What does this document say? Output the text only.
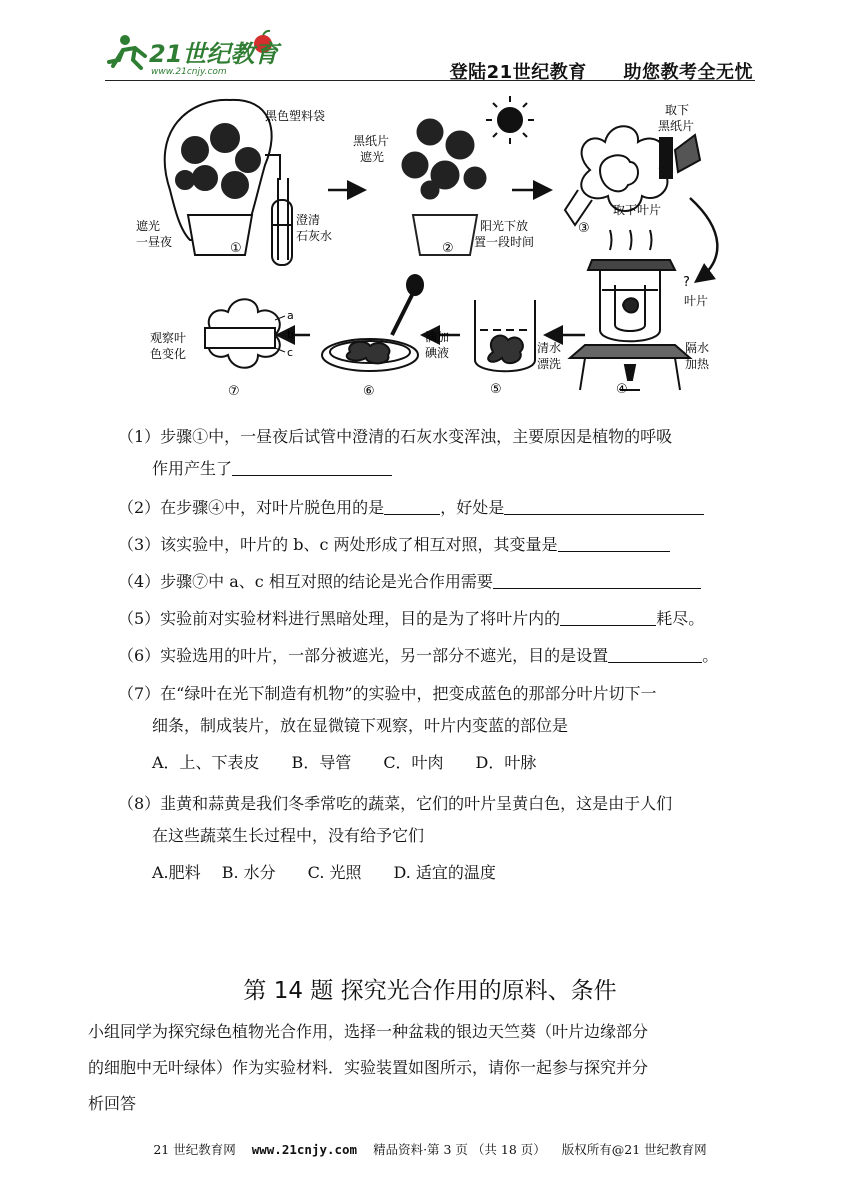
21世纪教育
www.21cnjy.com	登陆21世纪教育 助您教考全无忧
黑色塑料袋
遮光
一昼夜
澄清
石灰水
①
黑纸片
遮光
阳光下放
置一段时间
②
取下
黑纸片
取下叶片
③
?
叶片
隔水
加热
④
清水
漂洗
⑤
滴加
碘液
⑥
a
b
c
观察叶
色变化
⑦
（1）步骤①中，一昼夜后试管中澄清的石灰水变浑浊，主要原因是植物的呼吸
作用产生了
（2）在步骤④中，对叶片脱色用的是	，好处是
（3）该实验中，叶片的 b、c 两处形成了相互对照，其变量是
（4）步骤⑦中 a、c 相互对照的结论是光合作用需要
（5）实验前对实验材料进行黑暗处理，目的是为了将叶片内的	耗尽。
（6）实验选用的叶片，一部分被遮光，另一部分不遮光，目的是设置	。
（7）在“绿叶在光下制造有机物”的实验中，把变成蓝色的那部分叶片切下一
细条，制成装片，放在显微镜下观察，叶片内变蓝的部位是
A．上、下表皮　　B．导管　　C．叶肉　　D．叶脉
（8）韭黄和蒜黄是我们冬季常吃的蔬菜，它们的叶片呈黄白色，这是由于人们
在这些蔬菜生长过程中，没有给予它们
A.肥料　 B. 水分　　C. 光照　　D. 适宜的温度
第 14 题 探究光合作用的原料、条件
小组同学为探究绿色植物光合作用，选择一种盆栽的银边天竺葵（叶片边缘部分
的细胞中无叶绿体）作为实验材料．实验装置如图所示，请你一起参与探究并分
析回答
21 世纪教育网 www.21cnjy.com 精品资料·第 3 页 （共 18 页） 版权所有@21 世纪教育网
